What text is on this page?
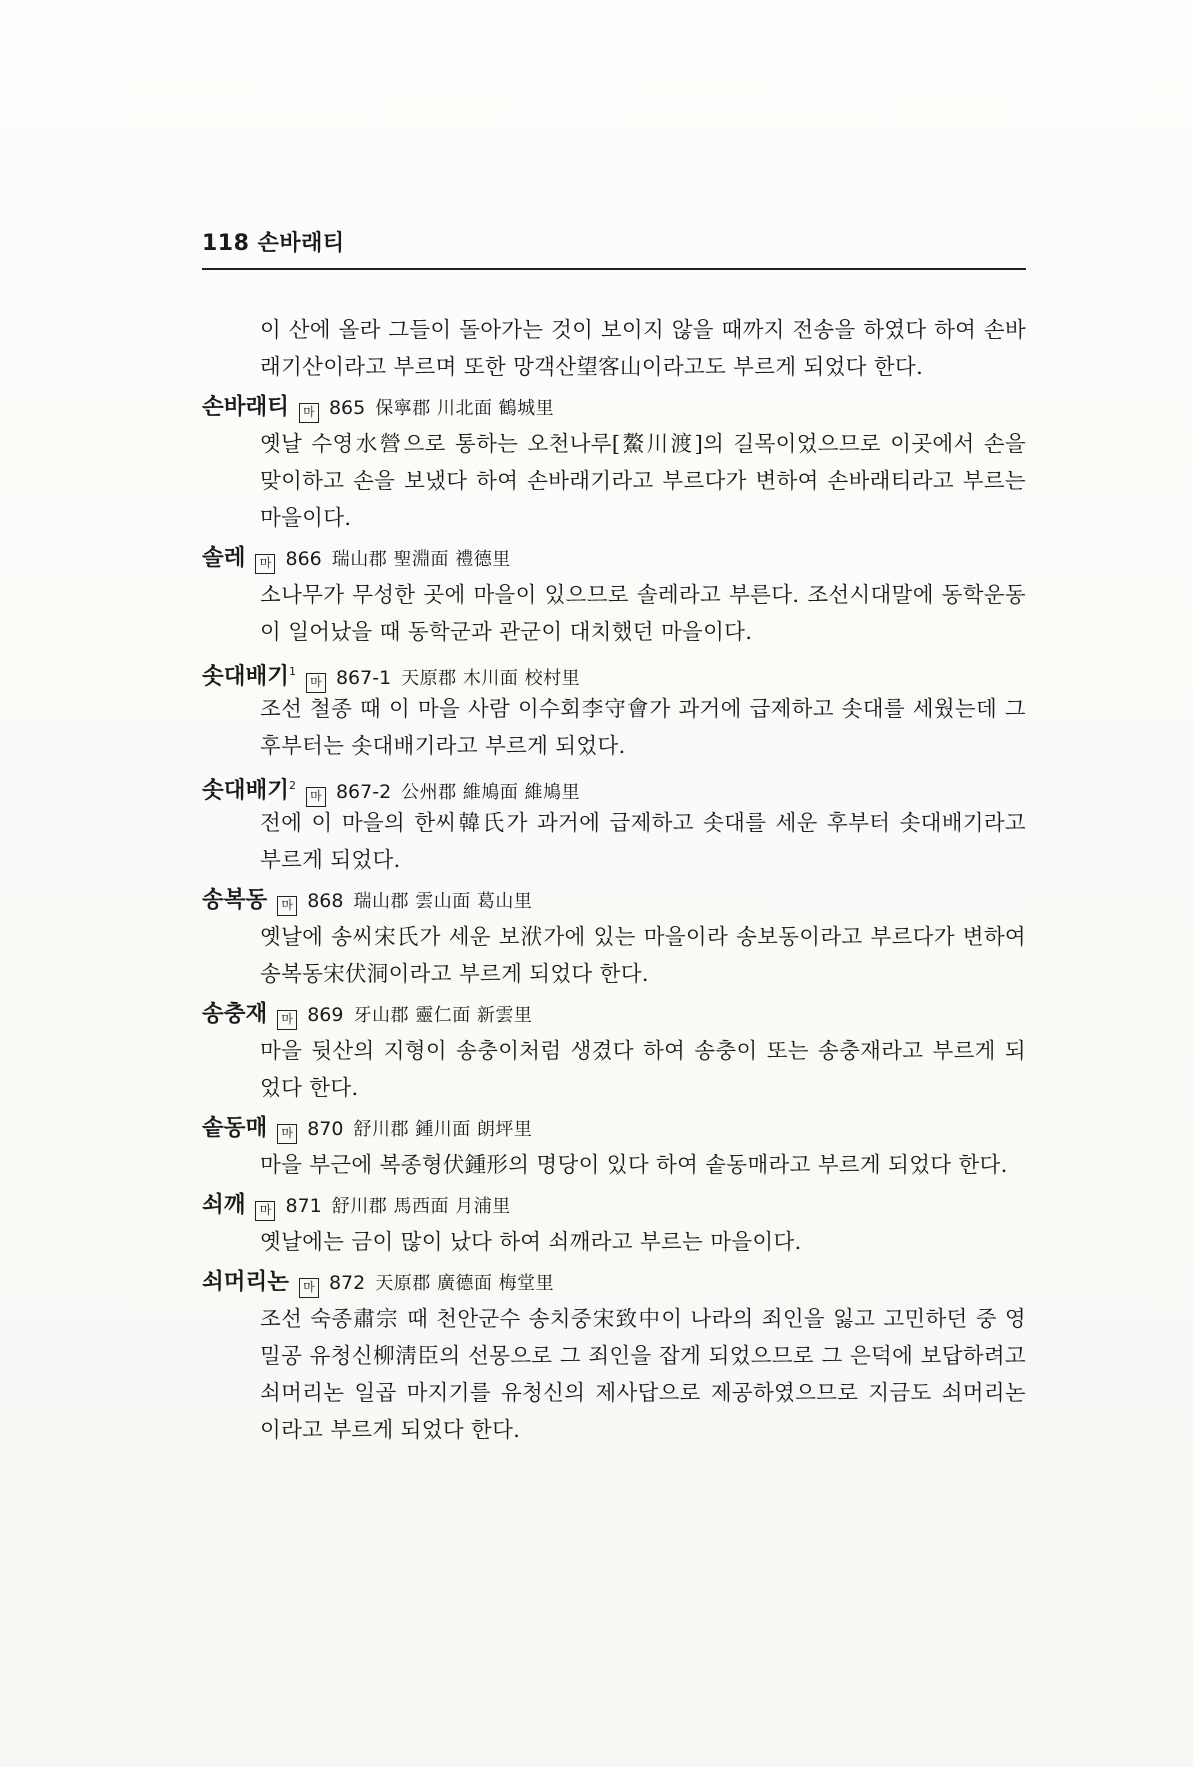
118 손바래티

이 산에 올라 그들이 돌아가는 것이 보이지 않을 때까지 전송을 하였다 하여 손바래기산이라고 부르며 또한 망객산望客山이라고도 부르게 되었다 한다.

손바래티	마 865 保寧郡 川北面 鶴城里

옛날 수영水營으로 통하는 오천나루[鰲川渡]의 길목이었으므로 이곳에서 손을 맞이하고 손을 보냈다 하여 손바래기라고 부르다가 변하여 손바래티라고 부르는 마을이다.

솔레	마 866 瑞山郡 聖淵面 禮德里

소나무가 무성한 곳에 마을이 있으므로 솔레라고 부른다. 조선시대말에 동학운동이 일어났을 때 동학군과 관군이 대치했던 마을이다.

솟대배기$^1$
마 867-1 天原郡 木川面 校村里

조선 철종 때 이 마을 사람 이수회李守會가 과거에 급제하고 솟대를 세웠는데 그후부터는 솟대배기라고 부르게 되었다.

솟대배기$^2$
마 867-2 公州郡 維鳩面 維鳩里

전에 이 마을의 한씨韓氏가 과거에 급제하고 솟대를 세운 후부터 솟대배기라고 부르게 되었다.

송복동	마 868 瑞山郡 雲山面 葛山里

옛날에 송씨宋氏가 세운 보洑가에 있는 마을이라 송보동이라고 부르다가 변하여 송복동宋伏洞이라고 부르게 되었다 한다.

송충재	마 869 牙山郡 靈仁面 新雲里

마을 뒷산의 지형이 송충이처럼 생겼다 하여 송충이 또는 송충재라고 부르게 되었다 한다.

솥동매	마 870 舒川郡 鍾川面 朗坪里

마을 부근에 복종형伏鍾形의 명당이 있다 하여 솥동매라고 부르게 되었다 한다.

쇠깨	마 871 舒川郡 馬西面 月浦里

옛날에는 금이 많이 났다 하여 쇠깨라고 부르는 마을이다.

쇠머리논	마 872 天原郡 廣德面 梅堂里

조선 숙종肅宗 때 천안군수 송치중宋致中이 나라의 죄인을 잃고 고민하던 중 영밀공 유청신柳淸臣의 선몽으로 그 죄인을 잡게 되었으므로 그 은덕에 보답하려고 쇠머리논 일곱 마지기를 유청신의 제사답으로 제공하였으므로 지금도 쇠머리논이라고 부르게 되었다 한다.
